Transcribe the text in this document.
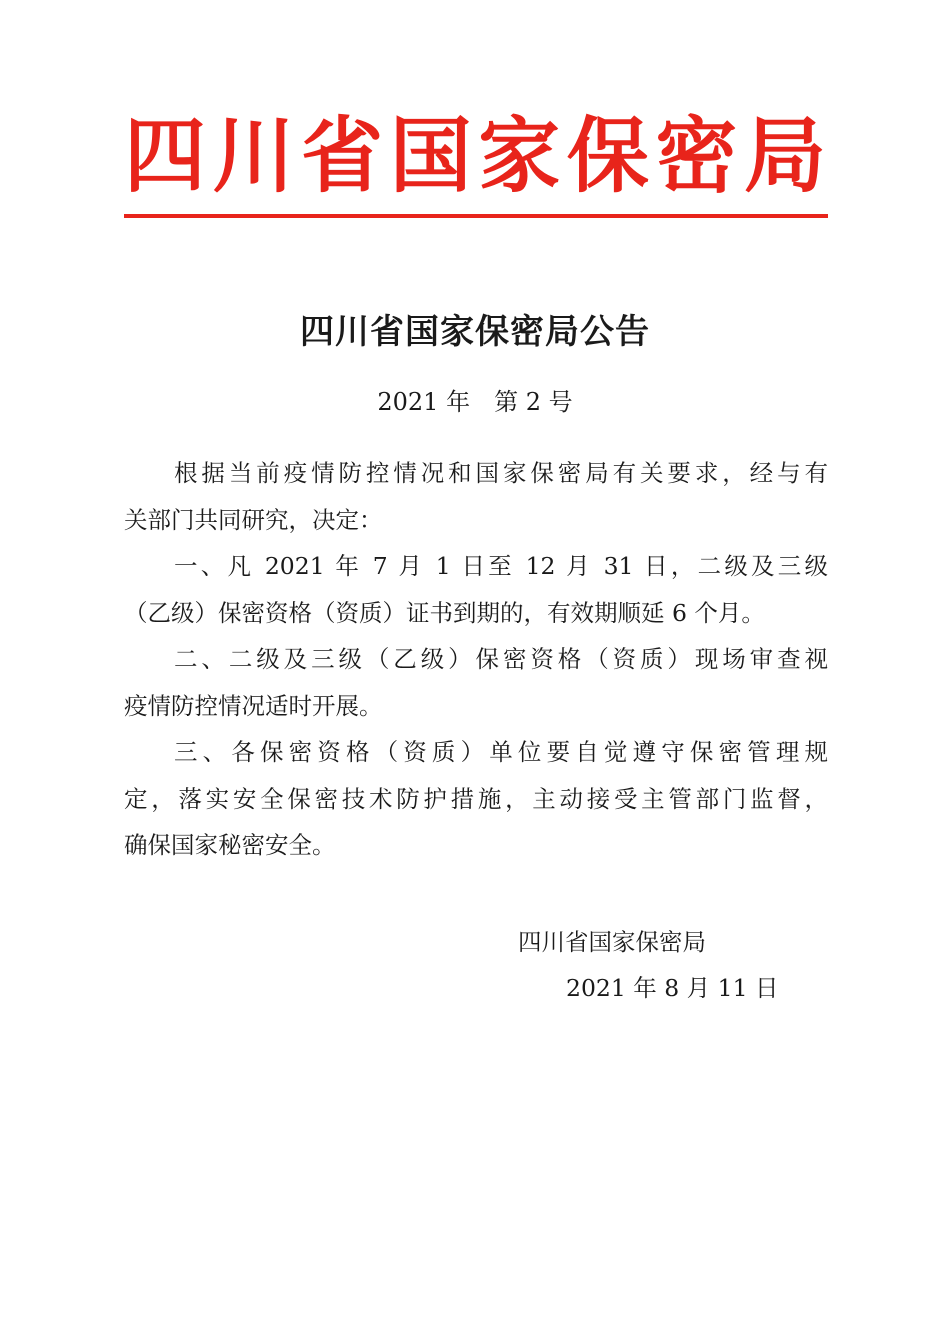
四川省国家保密局
四川省国家保密局公告
2021 年　第 2 号
根据当前疫情防控情况和国家保密局有关要求，经与有
关部门共同研究，决定：
一、凡 2021 年 7 月 1 日至 12 月 31 日，二级及三级
（乙级）保密资格（资质）证书到期的，有效期顺延 6 个月。
二、二级及三级（乙级）保密资格（资质）现场审查视
疫情防控情况适时开展。
三、各保密资格（资质）单位要自觉遵守保密管理规
定，落实安全保密技术防护措施，主动接受主管部门监督，
确保国家秘密安全。
四川省国家保密局
2021 年 8 月 11 日
